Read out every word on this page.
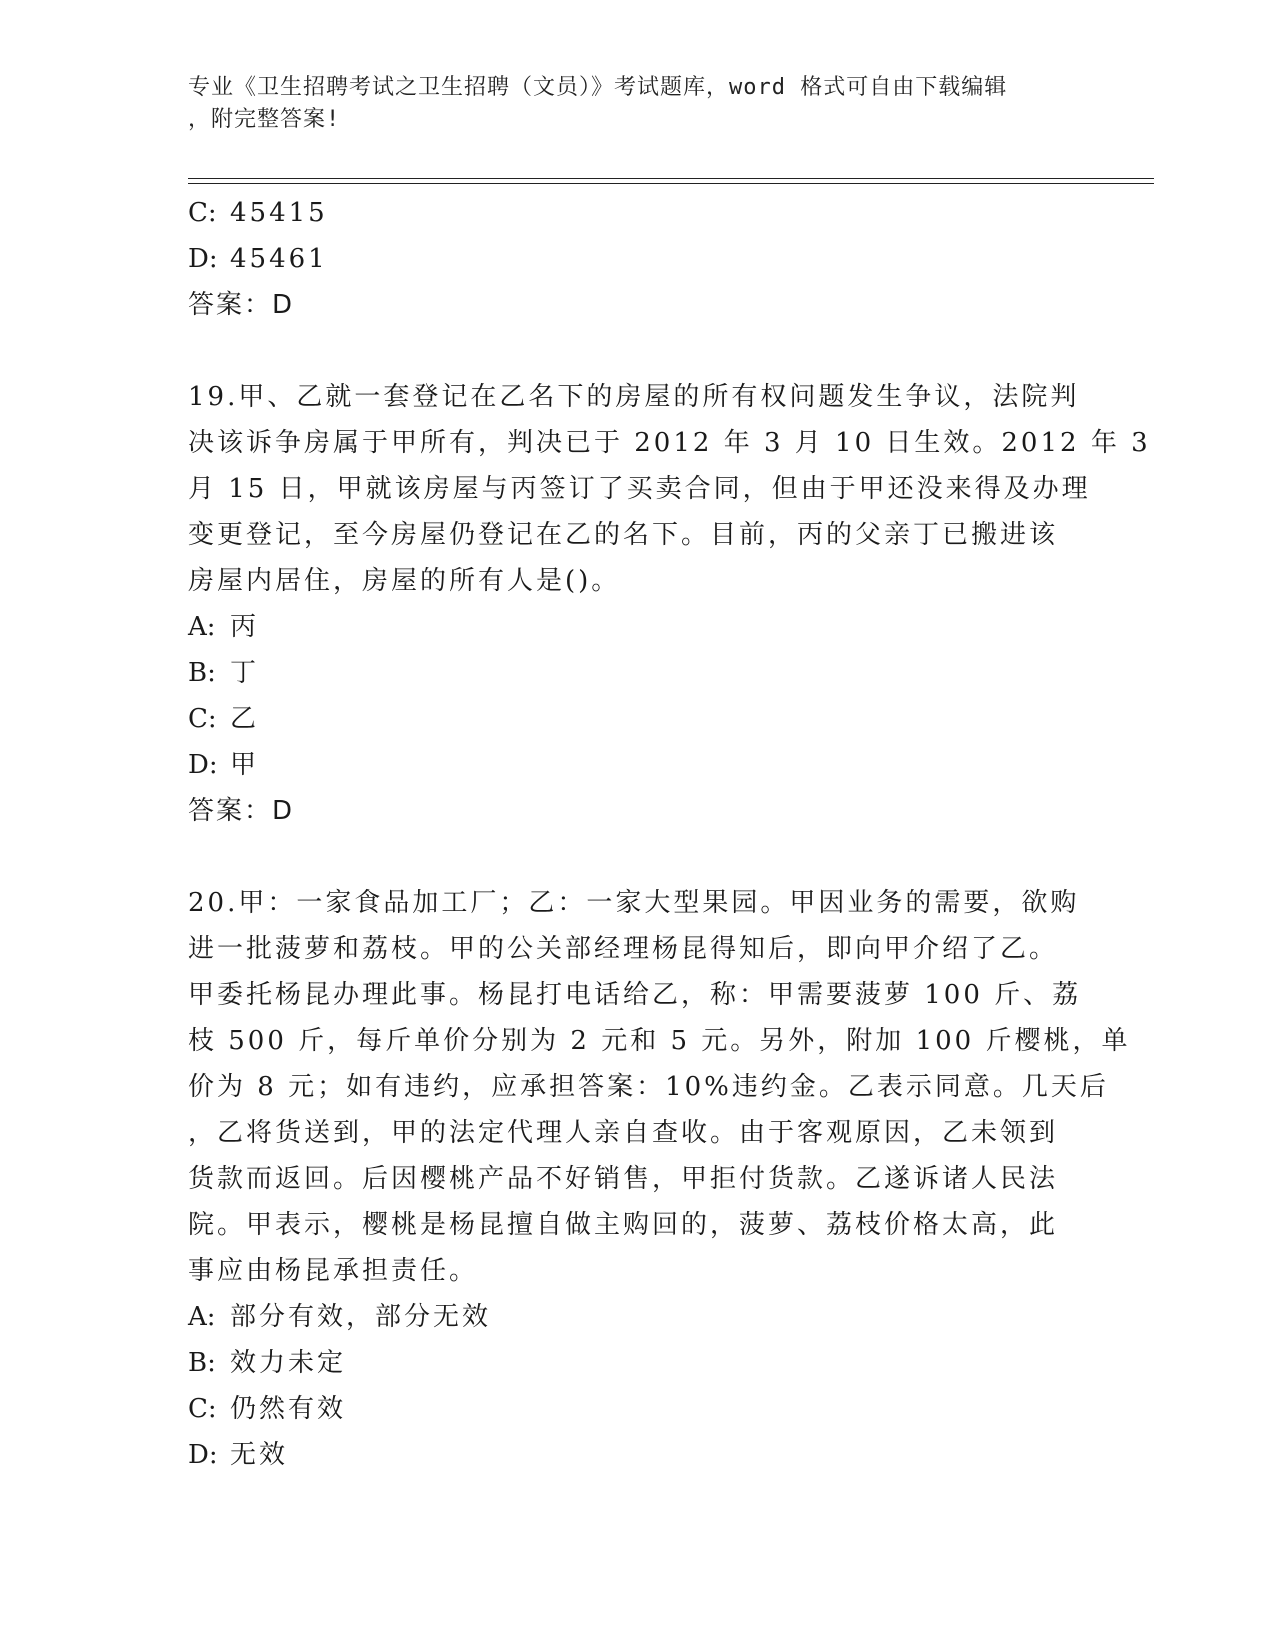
专业《卫生招聘考试之卫生招聘（文员）》考试题库，word 格式可自由下载编辑
，附完整答案!
C: 45415
D: 45461
答案：D
19.甲、乙就一套登记在乙名下的房屋的所有权问题发生争议，法院判
决该诉争房属于甲所有，判决已于 2012 年 3 月 10 日生效。2012 年 3
月 15 日，甲就该房屋与丙签订了买卖合同，但由于甲还没来得及办理
变更登记，至今房屋仍登记在乙的名下。目前，丙的父亲丁已搬进该
房屋内居住，房屋的所有人是()。
A: 丙
B: 丁
C: 乙
D: 甲
答案：D
20.甲：一家食品加工厂；乙：一家大型果园。甲因业务的需要，欲购
进一批菠萝和荔枝。甲的公关部经理杨昆得知后，即向甲介绍了乙。
甲委托杨昆办理此事。杨昆打电话给乙，称：甲需要菠萝 100 斤、荔
枝 500 斤，每斤单价分别为 2 元和 5 元。另外，附加 100 斤樱桃，单
价为 8 元；如有违约，应承担答案：10%违约金。乙表示同意。几天后
，乙将货送到，甲的法定代理人亲自查收。由于客观原因，乙未领到
货款而返回。后因樱桃产品不好销售，甲拒付货款。乙遂诉诸人民法
院。甲表示，樱桃是杨昆擅自做主购回的，菠萝、荔枝价格太高，此
事应由杨昆承担责任。
A: 部分有效，部分无效
B: 效力未定
C: 仍然有效
D: 无效
